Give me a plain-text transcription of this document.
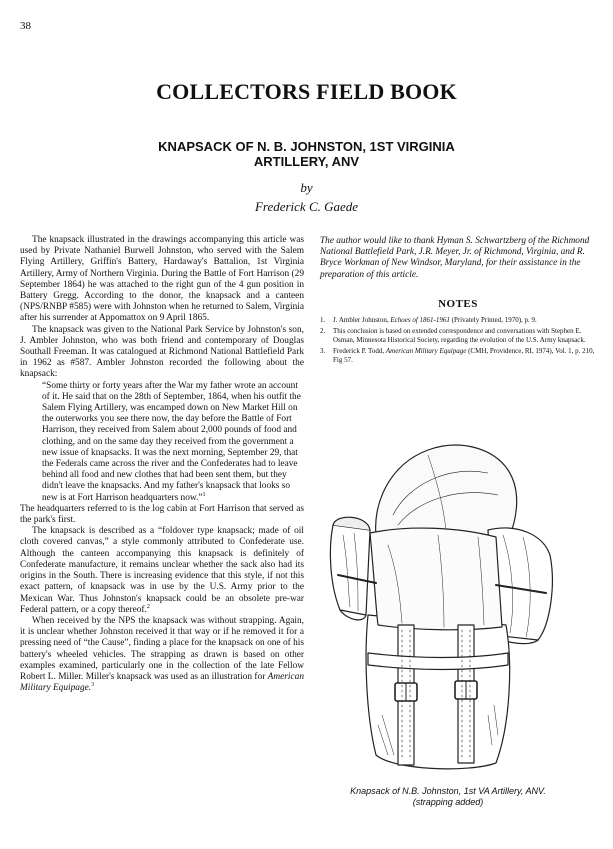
38
COLLECTORS FIELD BOOK
KNAPSACK OF N. B. JOHNSTON, 1ST VIRGINIA
ARTILLERY, ANV
by
Frederick C. Gaede

The knapsack illustrated in the drawings accompanying this article was used by Private Nathaniel Burwell Johnston, who served with the Salem Flying Artillery, Griffin's Battery, Hardaway's Battalion, 1st Virginia Artillery, Army of Northern Virginia. During the Battle of Fort Harrison (29 September 1864) he was attached to the right gun of the 4 gun position in Battery Gregg. According to the donor, the knapsack and a canteen (NPS/RNBP #585) were with Johnston when he returned to Salem, Virginia after his surrender at Appomattox on 9 April 1865.

The knapsack was given to the National Park Service by Johnston's son, J. Ambler Johnston, who was both friend and contemporary of Douglas Southall Freeman. It was catalogued at Richmond National Battlefield Park in 1962 as #587. Ambler Johnston recorded the following about the knapsack:

“Some thirty or forty years after the War my father wrote an account of it. He said that on the 28th of September, 1864, when his outfit the Salem Flying Artillery, was encamped down on New Market Hill on the outerworks you see there now, the day before the Battle of Fort Harrison, they received from Salem about 2,000 pounds of food and clothing, and on the same day they received from the government a new issue of knapsacks. It was the next morning, September 29, that the Federals came across the river and the Confederates had to leave behind all food and new clothes that had been sent them, but they didn't leave the knapsacks. And my father's knapsack that looks so new is at Fort Harrison headquarters now.”$^1$

The headquarters referred to is the log cabin at Fort Harrison that served as the park's first.

The knapsack is described as a “foldover type knapsack; made of oil cloth covered canvas,” a style commonly attributed to Confederate use. Although the canteen accompanying this knapsack is definitely of Confederate manufacture, it remains unclear whether the sack also had its origins in the South. There is increasing evidence that this style, if not this exact pattern, of knapsack was in use by the U.S. Army prior to the Mexican War. Thus Johnston's knapsack could be an obsolete pre-war Federal pattern, or a copy thereof.$^2$

When received by the NPS the knapsack was without strapping. Again, it is unclear whether Johnston received it that way or if he removed it for a pressing need of “the Cause”, finding a place for the knapsack on one of his battery's wheeled vehicles. The strapping as drawn is based on other examples examined, particularly one in the collection of the late Fellow Robert L. Miller. Miller's knapsack was used as an illustration for American Military Equipage.$^3$

The author would like to thank Hyman S. Schwartzberg of the Richmond National Battlefield Park, J.R. Meyer, Jr. of Richmond, Virginia, and R. Bryce Workman of New Windsor, Maryland, for their assistance in the preparation of this article.
NOTES
1. J. Ambler Johnston, Echoes of 1861-1961 (Privately Printed, 1970), p. 9.
2. This conclusion is based on extended correspondence and conversations with Stephen E. Osman, Minnesota Historical Society, regarding the evolution of the U.S. Army knapsack.
3. Frederick P. Todd, American Military Equipage (CMH, Providence, RI, 1974), Vol. 1, p. 210, Fig 57.
Knapsack of N.B. Johnston, 1st VA Artillery, ANV.
(strapping added)
